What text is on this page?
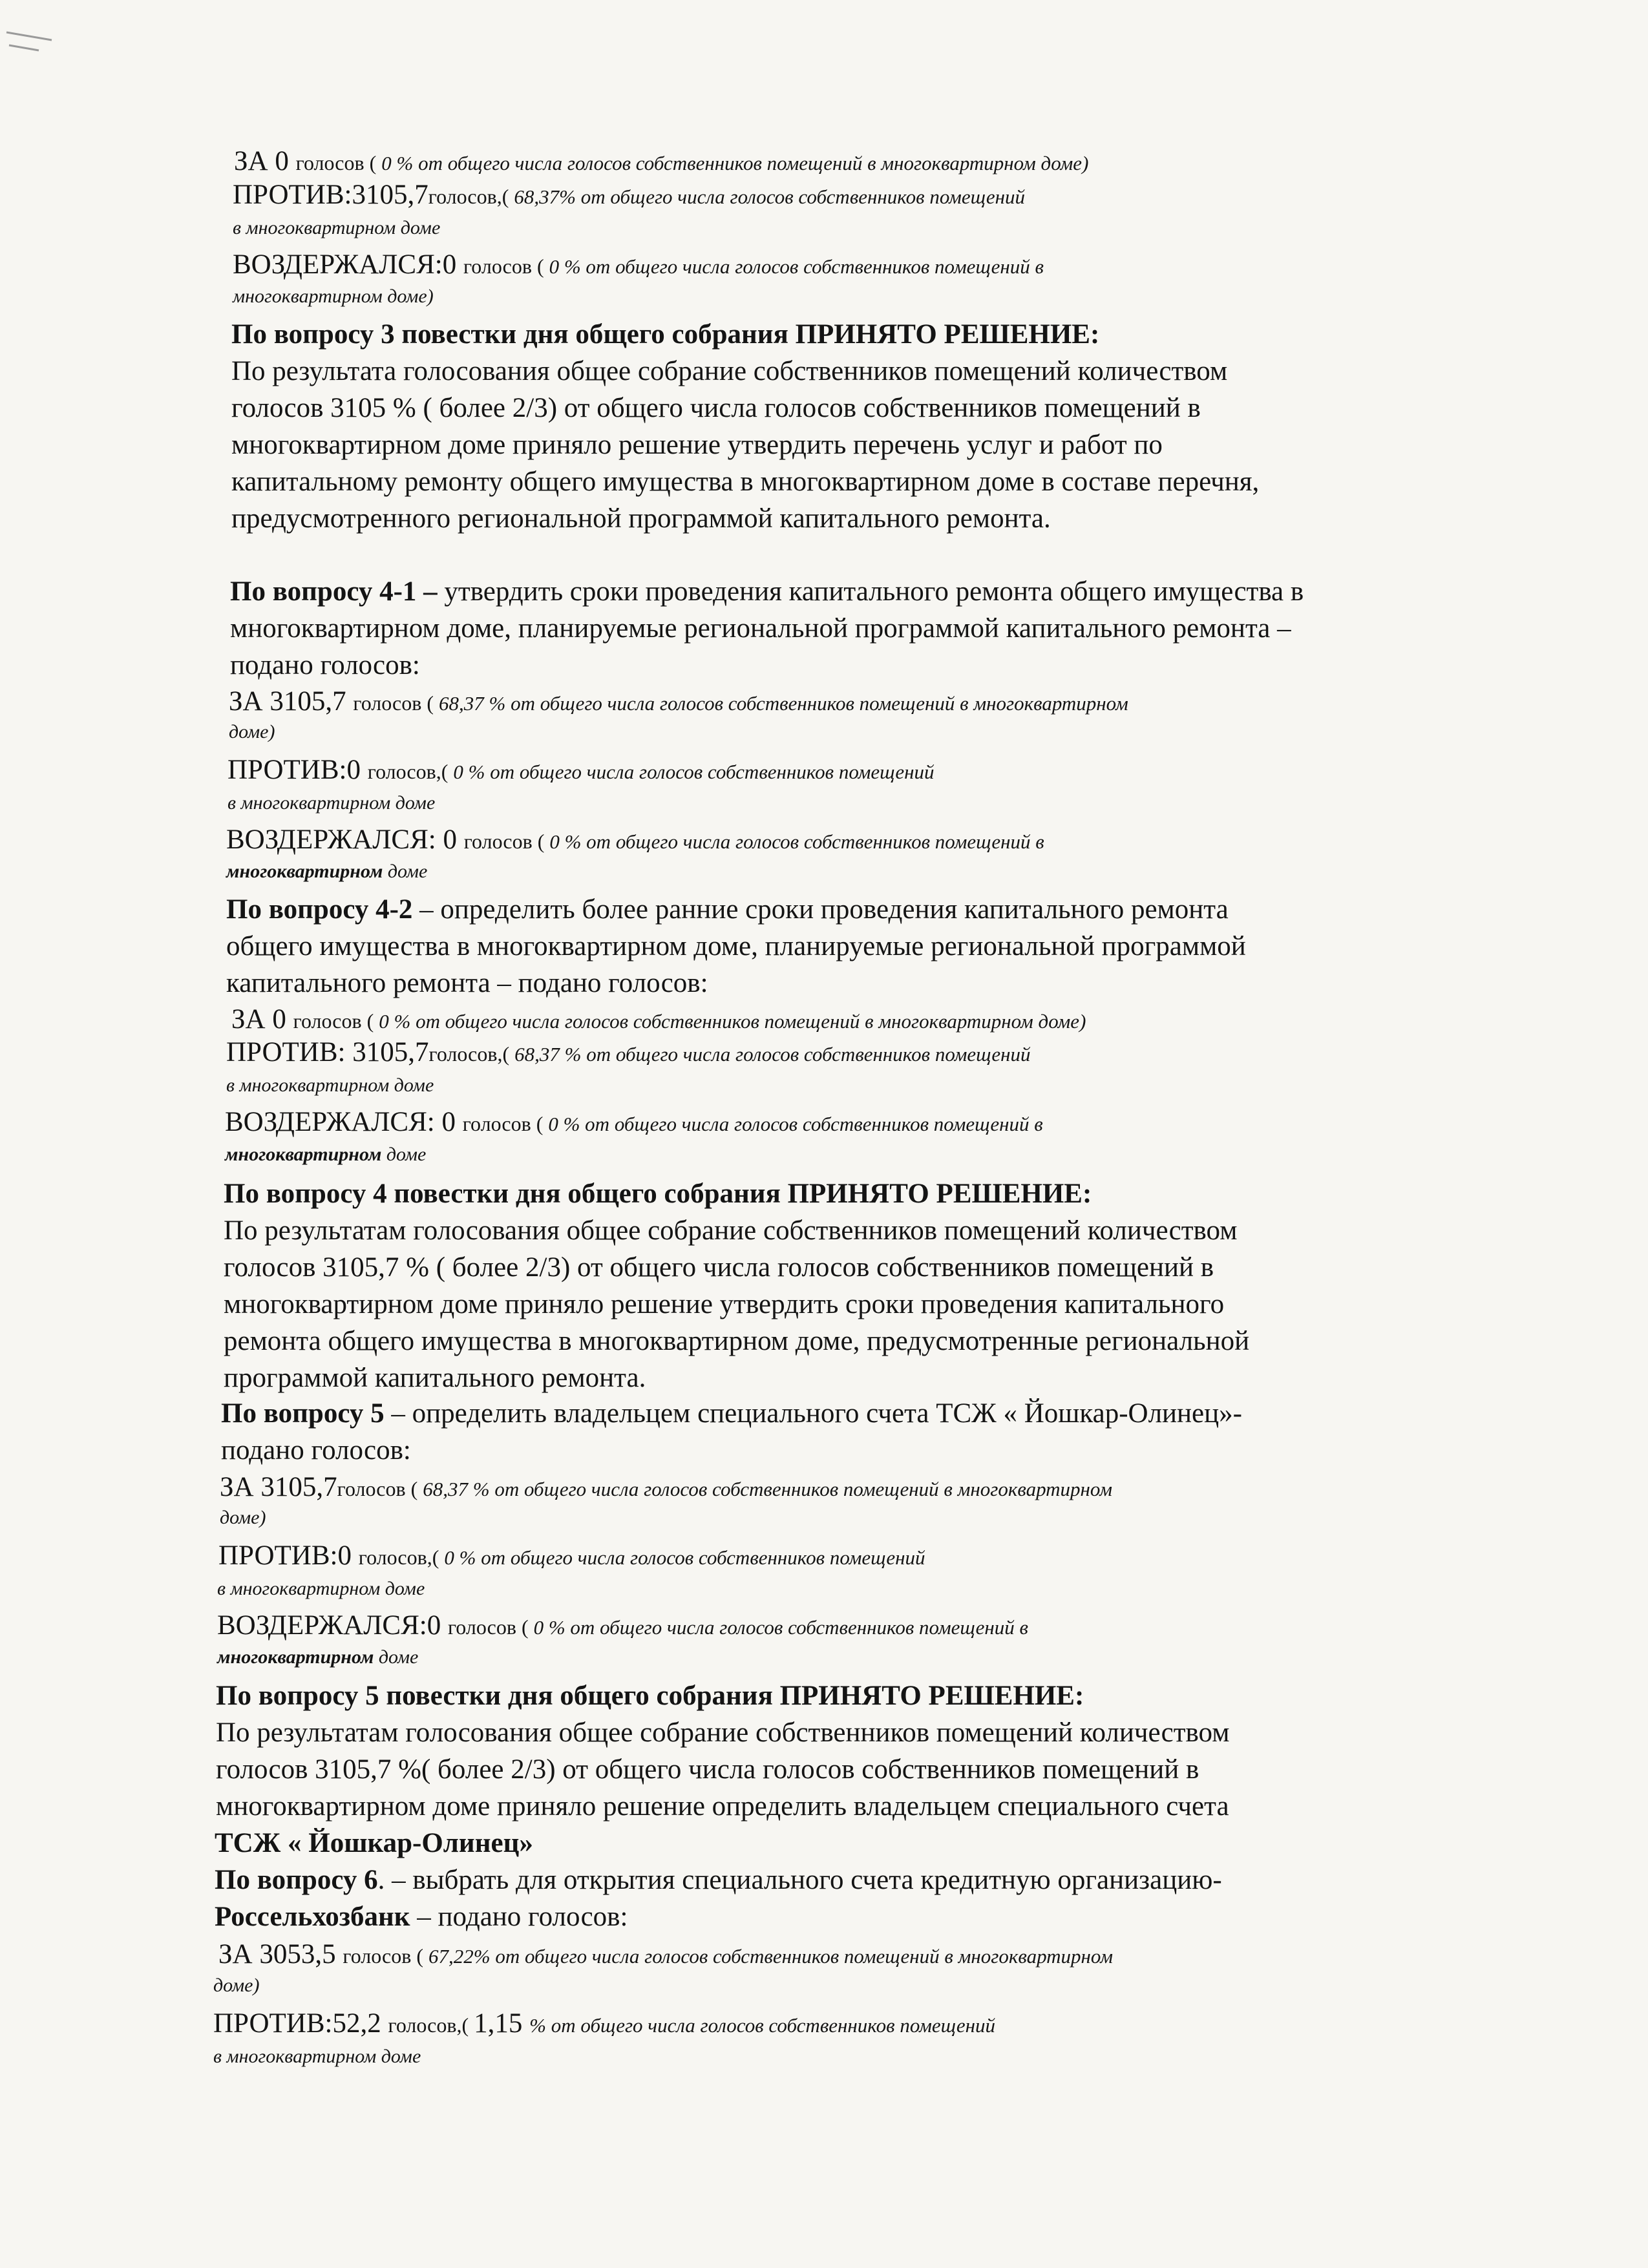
ЗА 0 голосов ( 0 % от общего числа голосов собственников помещений в многоквартирном доме)
ПРОТИВ:3105,7голосов,( 68,37% от общего числа голосов собственников помещений
в многоквартирном доме
ВОЗДЕРЖАЛСЯ:0 голосов ( 0 % от общего числа голосов собственников помещений в
многоквартирном доме)
По вопросу 3 повестки дня общего собрания ПРИНЯТО РЕШЕНИЕ:
По результата голосования общее собрание собственников помещений количеством
голосов 3105 % ( более 2/3) от общего числа голосов собственников помещений в
многоквартирном доме приняло решение утвердить перечень услуг и работ по
капитальному ремонту общего имущества в многоквартирном доме в составе перечня,
предусмотренного региональной программой капитального ремонта.
По вопросу 4-1 – утвердить сроки проведения капитального ремонта общего имущества в
многоквартирном доме, планируемые региональной программой капитального ремонта –
подано голосов:
ЗА 3105,7 голосов ( 68,37 % от общего числа голосов собственников помещений в многоквартирном
доме)
ПРОТИВ:0 голосов,( 0 % от общего числа голосов собственников помещений
в многоквартирном доме
ВОЗДЕРЖАЛСЯ: 0 голосов ( 0 % от общего числа голосов собственников помещений в
многоквартирном доме
По вопросу 4-2 – определить более ранние сроки проведения капитального ремонта
общего имущества в многоквартирном доме, планируемые региональной программой
капитального ремонта – подано голосов:
ЗА 0 голосов ( 0 % от общего числа голосов собственников помещений в многоквартирном доме)
ПРОТИВ: 3105,7голосов,( 68,37 % от общего числа голосов собственников помещений
в многоквартирном доме
ВОЗДЕРЖАЛСЯ: 0 голосов ( 0 % от общего числа голосов собственников помещений в
многоквартирном доме
По вопросу 4 повестки дня общего собрания ПРИНЯТО РЕШЕНИЕ:
По результатам голосования общее собрание собственников помещений количеством
голосов 3105,7 % ( более 2/3) от общего числа голосов собственников помещений в
многоквартирном доме приняло решение утвердить сроки проведения капитального
ремонта общего имущества в многоквартирном доме, предусмотренные региональной
программой капитального ремонта.
По вопросу 5 – определить владельцем специального счета ТСЖ « Йошкар-Олинец»-
подано голосов:
ЗА 3105,7голосов ( 68,37 % от общего числа голосов собственников помещений в многоквартирном
доме)
ПРОТИВ:0 голосов,( 0 % от общего числа голосов собственников помещений
в многоквартирном доме
ВОЗДЕРЖАЛСЯ:0 голосов ( 0 % от общего числа голосов собственников помещений в
многоквартирном доме
По вопросу 5 повестки дня общего собрания ПРИНЯТО РЕШЕНИЕ:
По результатам голосования общее собрание собственников помещений количеством
голосов 3105,7 %( более 2/3) от общего числа голосов собственников помещений в
многоквартирном доме приняло решение определить владельцем специального счета
ТСЖ « Йошкар-Олинец»
По вопросу 6. – выбрать для открытия специального счета кредитную организацию-
Россельхозбанк – подано голосов:
ЗА 3053,5 голосов ( 67,22% от общего числа голосов собственников помещений в многоквартирном
доме)
ПРОТИВ:52,2 голосов,( 1,15 % от общего числа голосов собственников помещений
в многоквартирном доме
